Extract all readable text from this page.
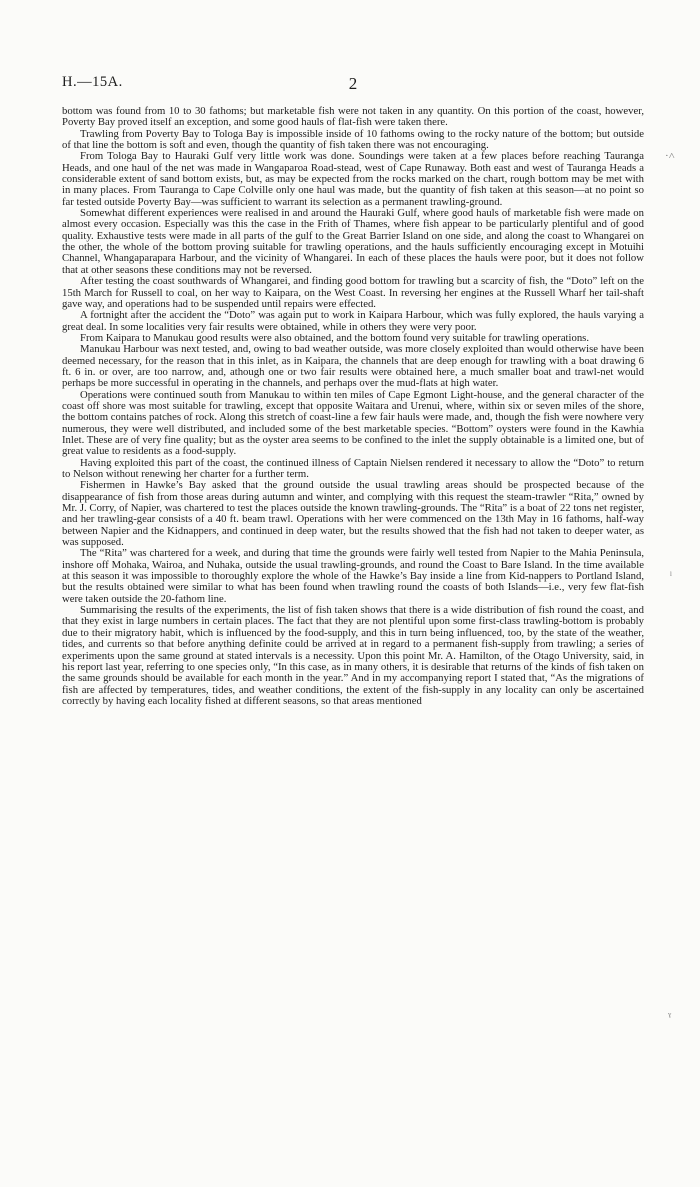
H.—15A.	2

bottom was found from 10 to 30 fathoms; but marketable fish were not taken in any quantity. On this portion of the coast, however, Poverty Bay proved itself an exception, and some good hauls of flat-fish were taken there.

Trawling from Poverty Bay to Tologa Bay is impossible inside of 10 fathoms owing to the rocky nature of the bottom; but outside of that line the bottom is soft and even, though the quantity of fish taken there was not encouraging.

From Tologa Bay to Hauraki Gulf very little work was done. Soundings were taken at a few places before reaching Tauranga Heads, and one haul of the net was made in Wangaparoa Road-stead, west of Cape Runaway. Both east and west of Tauranga Heads a considerable extent of sand bottom exists, but, as may be expected from the rocks marked on the chart, rough bottom may be met with in many places. From Tauranga to Cape Colville only one haul was made, but the quantity of fish taken at this season—at no point so far tested outside Poverty Bay—was sufficient to warrant its selection as a permanent trawling-ground.

Somewhat different experiences were realised in and around the Hauraki Gulf, where good hauls of marketable fish were made on almost every occasion. Especially was this the case in the Frith of Thames, where fish appear to be particularly plentiful and of good quality. Exhaustive tests were made in all parts of the gulf to the Great Barrier Island on one side, and along the coast to Whangarei on the other, the whole of the bottom proving suitable for trawling operations, and the hauls sufficiently encouraging except in Motuihi Channel, Whangaparapara Harbour, and the vicinity of Whangarei. In each of these places the hauls were poor, but it does not follow that at other seasons these conditions may not be reversed.

After testing the coast southwards of Whangarei, and finding good bottom for trawling but a scarcity of fish, the “Doto” left on the 15th March for Russell to coal, on her way to Kaipara, on the West Coast. In reversing her engines at the Russell Wharf her tail-shaft gave way, and operations had to be suspended until repairs were effected.

A fortnight after the accident the “Doto” was again put to work in Kaipara Harbour, which was fully explored, the hauls varying a great deal. In some localities very fair results were obtained, while in others they were very poor.

From Kaipara to Manukau good results were also obtained, and the bottom found very suitable for trawling operations.

Manukau Harbour was next tested, and, owing to bad weather outside, was more closely exploited than would otherwise have been deemed necessary, for the reason that in this inlet, as in Kaipara, the channels that are deep enough for trawling with a boat drawing 6 ft. 6 in. or over, are too narrow, and, athough one or two fair results were obtained here, a much smaller boat and trawl-net would perhaps be more successful in operating in the channels, and perhaps over the mud-flats at high water.

Operations were continued south from Manukau to within ten miles of Cape Egmont Light-house, and the general character of the coast off shore was most suitable for trawling, except that opposite Waitara and Urenui, where, within six or seven miles of the shore, the bottom contains patches of rock. Along this stretch of coast-line a few fair hauls were made, and, though the fish were nowhere very numerous, they were well distributed, and included some of the best marketable species. “Bottom” oysters were found in the Kawhia Inlet. These are of very fine quality; but as the oyster area seems to be confined to the inlet the supply obtainable is a limited one, but of great value to residents as a food-supply.

Having exploited this part of the coast, the continued illness of Captain Nielsen rendered it necessary to allow the “Doto” to return to Nelson without renewing her charter for a further term.

Fishermen in Hawke’s Bay asked that the ground outside the usual trawling areas should be prospected because of the disappearance of fish from those areas during autumn and winter, and complying with this request the steam-trawler “Rita,” owned by Mr. J. Corry, of Napier, was chartered to test the places outside the known trawling-grounds. The “Rita” is a boat of 22 tons net register, and her trawling-gear consists of a 40 ft. beam trawl. Operations with her were commenced on the 13th May in 16 fathoms, half-way between Napier and the Kidnappers, and continued in deep water, but the results showed that the fish had not taken to deeper water, as was supposed.

The “Rita” was chartered for a week, and during that time the grounds were fairly well tested from Napier to the Mahia Peninsula, inshore off Mohaka, Wairoa, and Nuhaka, outside the usual trawling-grounds, and round the Coast to Bare Island. In the time available at this season it was impossible to thoroughly explore the whole of the Hawke’s Bay inside a line from Kid-nappers to Portland Island, but the results obtained were similar to what has been found when trawling round the coasts of both Islands—i.e., very few flat-fish were taken outside the 20-fathom line.

Summarising the results of the experiments, the list of fish taken shows that there is a wide distribution of fish round the coast, and that they exist in large numbers in certain places. The fact that they are not plentiful upon some first-class trawling-bottom is probably due to their migratory habit, which is influenced by the food-supply, and this in turn being influenced, too, by the state of the weather, tides, and currents so that before anything definite could be arrived at in regard to a permanent fish-supply from trawling; a series of experiments upon the same ground at stated intervals is a necessity. Upon this point Mr. A. Hamilton, of the Otago University, said, in his report last year, referring to one species only, “In this case, as in many others, it is desirable that returns of the kinds of fish taken on the same grounds should be available for each month in the year.” And in my accompanying report I stated that, “As the migrations of fish are affected by temperatures, tides, and weather conditions, the extent of the fish-supply in any locality can only be ascertained correctly by having each locality fished at different seasons, so that areas mentioned

·˄
ˡ
ˠ
